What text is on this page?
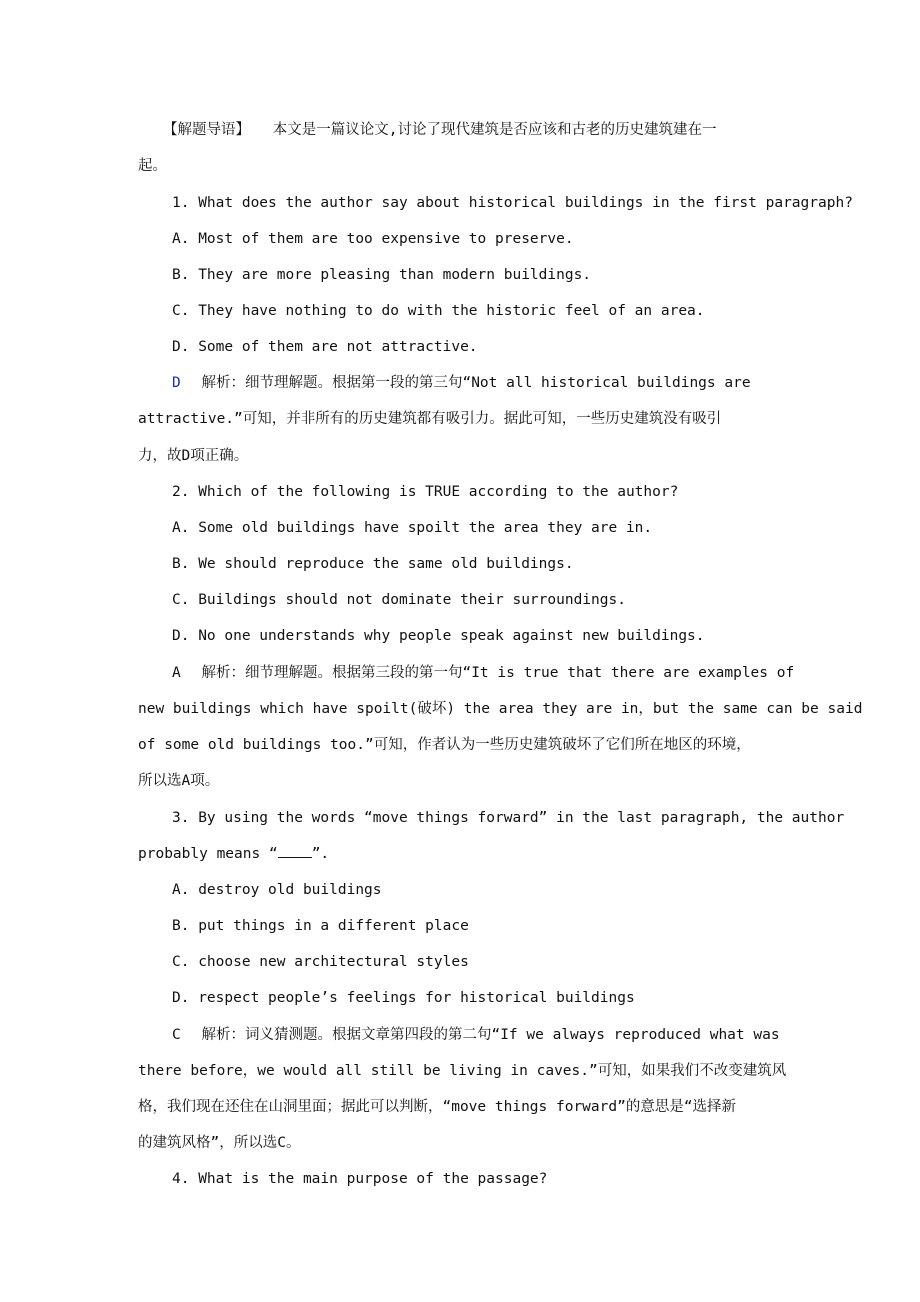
【解题导语】 本文是一篇议论文,讨论了现代建筑是否应该和古老的历史建筑建在一
起。
1. What does the author say about historical buildings in the first paragraph?
A. Most of them are too expensive to preserve.
B. They are more pleasing than modern buildings.
C. They have nothing to do with the historic feel of an area.
D. Some of them are not attractive.
D 解析：细节理解题。根据第一段的第三句“Not all historical buildings are
attractive.”可知，并非所有的历史建筑都有吸引力。据此可知，一些历史建筑没有吸引
力，故D项正确。
2. Which of the following is TRUE according to the author?
A. Some old buildings have spoilt the area they are in.
B. We should reproduce the same old buildings.
C. Buildings should not dominate their surroundings.
D. No one understands why people speak against new buildings.
A 解析：细节理解题。根据第三段的第一句“It is true that there are examples of
new buildings which have spoilt(破坏) the area they are in，but the same can be said
of some old buildings too.”可知，作者认为一些历史建筑破坏了它们所在地区的环境，
所以选A项。
3. By using the words “move things forward” in the last paragraph, the author
probably means “ ”.
A. destroy old buildings
B. put things in a different place
C. choose new architectural styles
D. respect people’s feelings for historical buildings
C 解析：词义猜测题。根据文章第四段的第二句“If we always reproduced what was
there before，we would all still be living in caves.”可知，如果我们不改变建筑风
格，我们现在还住在山洞里面；据此可以判断，“move things forward”的意思是“选择新
的建筑风格”，所以选C。
4. What is the main purpose of the passage?
